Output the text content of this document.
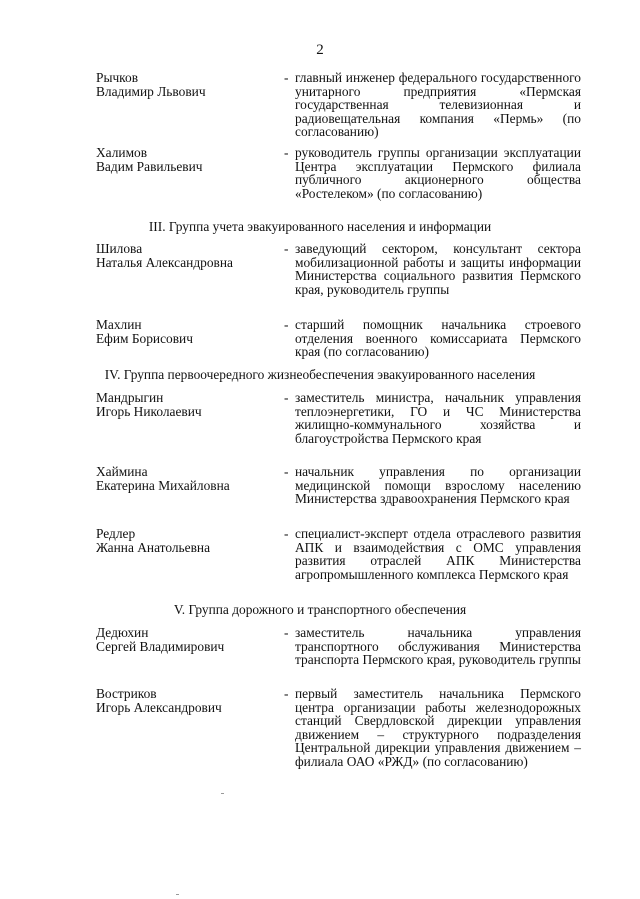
2
Рычков
Владимир Львович
- главный инженер федерального государственного унитарного предприятия «Пермская государственная телевизионная и радиовещательная компания «Пермь» (по согласованию)
Халимов
Вадим Равильевич
- руководитель группы организации эксплуатации Центра эксплуатации Пермского филиала публичного акционерного общества «Ростелеком» (по согласованию)
III. Группа учета эвакуированного населения и информации
Шилова
Наталья Александровна
- заведующий сектором, консультант сектора мобилизационной работы и защиты информации Министерства социального развития Пермского края, руководитель группы
Махлин
Ефим Борисович
- старший помощник начальника строевого отделения военного комиссариата Пермского края (по согласованию)
IV. Группа первоочередного жизнеобеспечения эвакуированного населения
Мандрыгин
Игорь Николаевич
- заместитель министра, начальник управления теплоэнергетики, ГО и ЧС Министерства жилищно-коммунального хозяйства и благоустройства Пермского края
Хаймина
Екатерина Михайловна
- начальник управления по организации медицинской помощи взрослому населению Министерства здравоохранения Пермского края
Редлер
Жанна Анатольевна
- специалист-эксперт отдела отраслевого развития АПК и взаимодействия с ОМС управления развития отраслей АПК Министерства агропромышленного комплекса Пермского края
V. Группа дорожного и транспортного обеспечения
Дедюхин
Сергей Владимирович
- заместитель начальника управления транспортного обслуживания Министерства транспорта Пермского края, руководитель группы
Востриков
Игорь Александрович
- первый заместитель начальника Пермского центра организации работы железнодорожных станций Свердловской дирекции управления движением – структурного подразделения Центральной дирекции управления движением – филиала ОАО «РЖД» (по согласованию)
